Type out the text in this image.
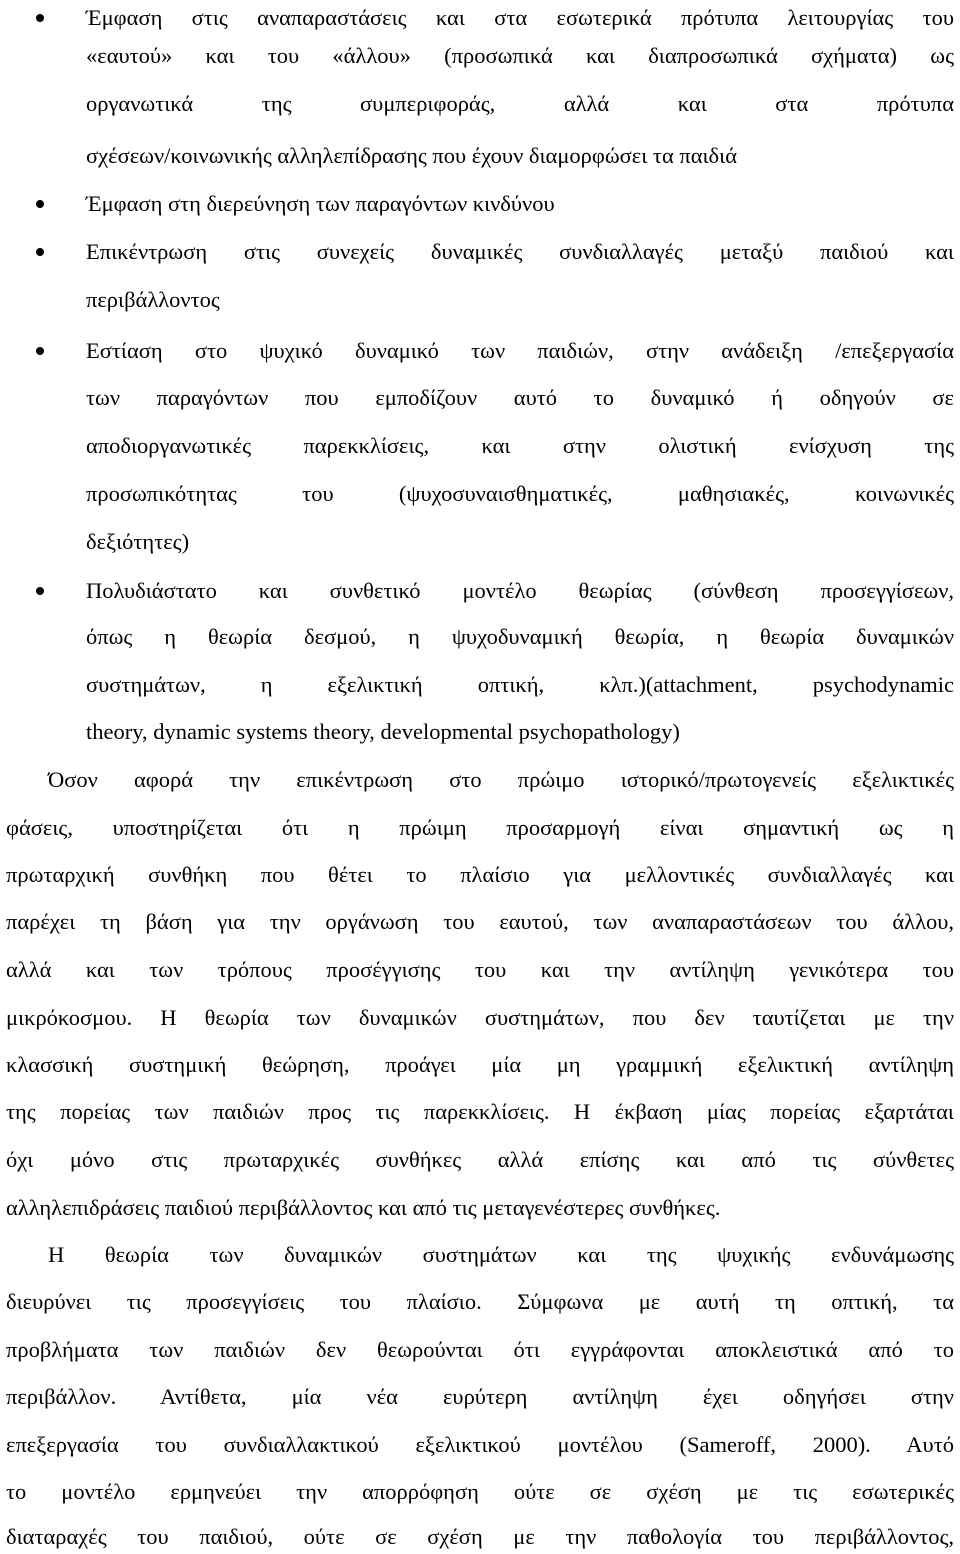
Έμφαση στις αναπαραστάσεις και στα εσωτερικά πρότυπα λειτουργίας του
«εαυτού» και του «άλλου» (προσωπικά και διαπροσωπικά σχήματα) ως
οργανωτικά της συμπεριφοράς, αλλά και στα πρότυπα
σχέσεων/κοινωνικής αλληλεπίδρασης που έχουν διαμορφώσει τα παιδιά
Έμφαση στη διερεύνηση των παραγόντων κινδύνου
Επικέντρωση στις συνεχείς δυναμικές συνδιαλλαγές μεταξύ παιδιού και
περιβάλλοντος
Εστίαση στο ψυχικό δυναμικό των παιδιών, στην ανάδειξη /επεξεργασία
των παραγόντων που εμποδίζουν αυτό το δυναμικό ή οδηγούν σε
αποδιοργανωτικές παρεκκλίσεις, και στην ολιστική ενίσχυση της
προσωπικότητας του (ψυχοσυναισθηματικές, μαθησιακές, κοινωνικές
δεξιότητες)
Πολυδιάστατο και συνθετικό μοντέλο θεωρίας (σύνθεση προσεγγίσεων,
όπως η θεωρία δεσμού, η ψυχοδυναμική θεωρία, η θεωρία δυναμικών
συστημάτων, η εξελικτική οπτική, κλπ.)(attachment, psychodynamic
theory, dynamic systems theory, developmental psychopathology)
Όσον αφορά την επικέντρωση στο πρώιμο ιστορικό/πρωτογενείς εξελικτικές
φάσεις, υποστηρίζεται ότι η πρώιμη προσαρμογή είναι σημαντική ως η
πρωταρχική συνθήκη που θέτει το πλαίσιο για μελλοντικές συνδιαλλαγές και
παρέχει τη βάση για την οργάνωση του εαυτού, των αναπαραστάσεων του άλλου,
αλλά και των τρόπους προσέγγισης του και την αντίληψη γενικότερα του
μικρόκοσμου. Η θεωρία των δυναμικών συστημάτων, που δεν ταυτίζεται με την
κλασσική συστημική θεώρηση, προάγει μία μη γραμμική εξελικτική αντίληψη
της πορείας των παιδιών προς τις παρεκκλίσεις. Η έκβαση μίας πορείας εξαρτάται
όχι μόνο στις πρωταρχικές συνθήκες αλλά επίσης και από τις σύνθετες
αλληλεπιδράσεις παιδιού περιβάλλοντος και από τις μεταγενέστερες συνθήκες.
Η θεωρία των δυναμικών συστημάτων και της ψυχικής ενδυνάμωσης
διευρύνει τις προσεγγίσεις του πλαίσιο. Σύμφωνα με αυτή τη οπτική, τα
προβλήματα των παιδιών δεν θεωρούνται ότι εγγράφονται αποκλειστικά από το
περιβάλλον. Αντίθετα, μία νέα ευρύτερη αντίληψη έχει οδηγήσει στην
επεξεργασία του συνδιαλλακτικού εξελικτικού μοντέλου (Sameroff, 2000). Αυτό
το μοντέλο ερμηνεύει την απορρόφηση ούτε σε σχέση με τις εσωτερικές
διαταραχές του παιδιού, ούτε σε σχέση με την παθολογία του περιβάλλοντος,
